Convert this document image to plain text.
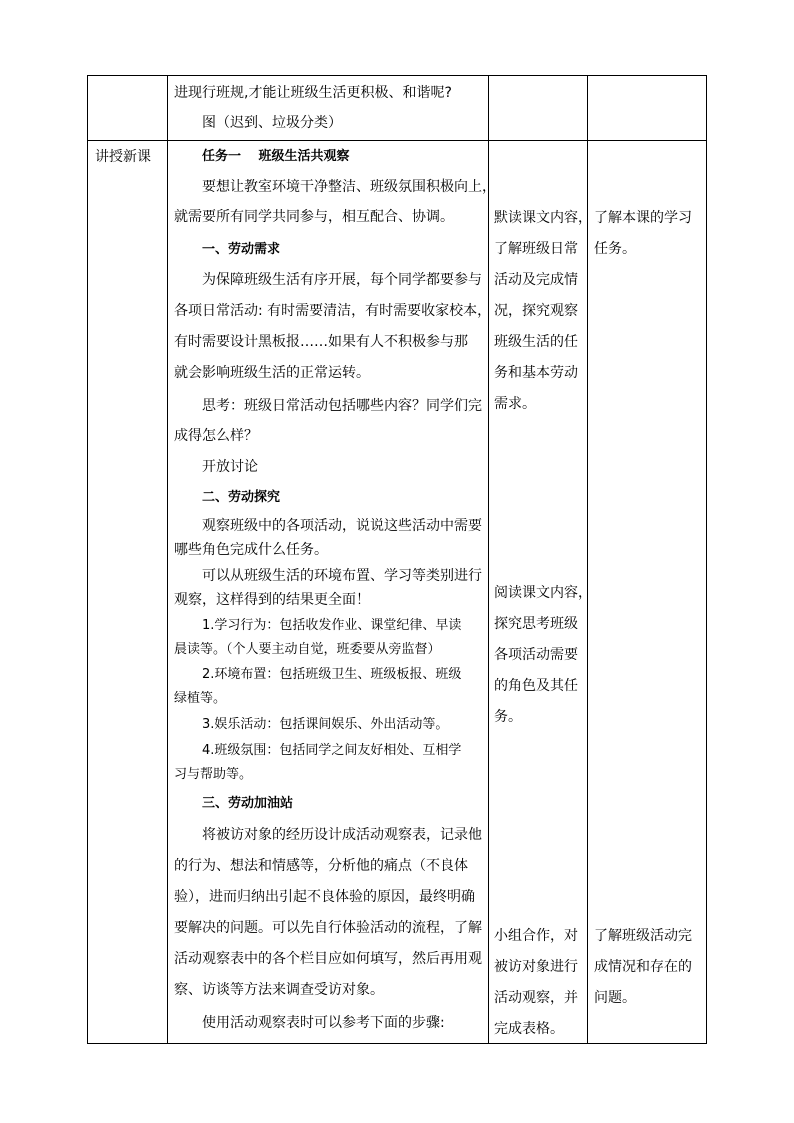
进现行班规,才能让班级生活更积极、和谐呢?
图（迟到、垃圾分类）
讲授新课	任务一　 班级生活共观察
要想让教室环境干净整洁、班级氛围积极向上，
就需要所有同学共同参与，相互配合、协调。
一、劳动需求
为保障班级生活有序开展，每个同学都要参与
各项日常活动: 有时需要清洁，有时需要收家校本，
有时需要设计黑板报……如果有人不积极参与那
就会影响班级生活的正常运转。
思考：班级日常活动包括哪些内容？同学们完
成得怎么样？
开放讨论
二、劳动探究
观察班级中的各项活动，说说这些活动中需要
哪些角色完成什么任务。
可以从班级生活的环境布置、学习等类别进行
观察，这样得到的结果更全面！
1.学习行为：包括收发作业、课堂纪律、早读
晨读等。（个人要主动自觉，班委要从旁监督）
2.环境布置：包括班级卫生、班级板报、班级
绿植等。
3.娱乐活动：包括课间娱乐、外出活动等。
4.班级氛围：包括同学之间友好相处、互相学
习与帮助等。
三、劳动加油站
将被访对象的经历设计成活动观察表，记录他
的行为、想法和情感等，分析他的痛点（不良体
验），进而归纳出引起不良体验的原因，最终明确
要解决的问题。可以先自行体验活动的流程，了解
活动观察表中的各个栏目应如何填写，然后再用观
察、访谈等方法来调查受访对象。
使用活动观察表时可以参考下面的步骤:
默读课文内容，
了解班级日常
活动及完成情
况，探究观察
班级生活的任
务和基本劳动
需求。
阅读课文内容，
探究思考班级
各项活动需要
的角色及其任
务。
小组合作，对
被访对象进行
活动观察，并
完成表格。
了解本课的学习
任务。
了解班级活动完
成情况和存在的
问题。
